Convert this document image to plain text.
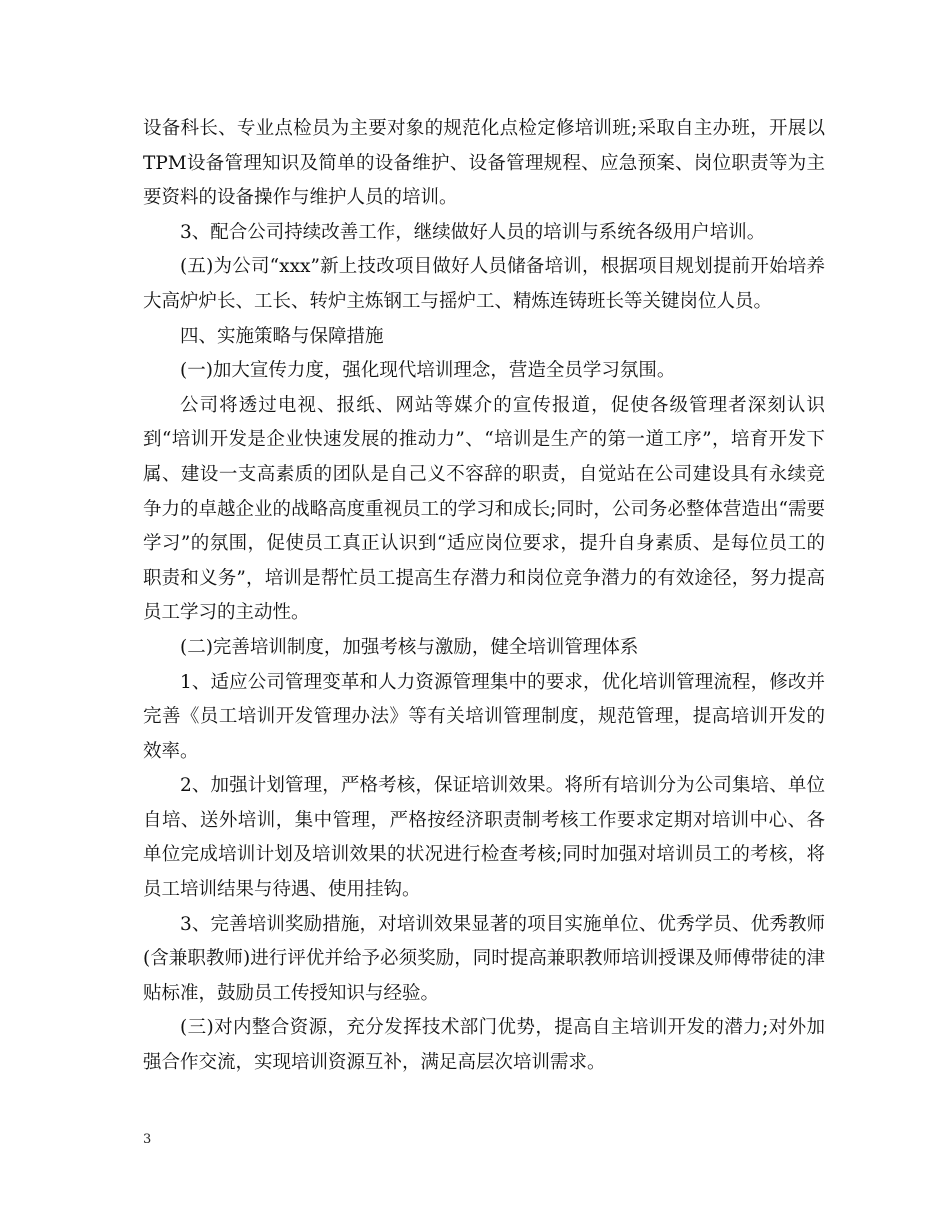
设备科长、专业点检员为主要对象的规范化点检定修培训班;采取自主办班，开展以TPM设备管理知识及简单的设备维护、设备管理规程、应急预案、岗位职责等为主要资料的设备操作与维护人员的培训。

3、配合公司持续改善工作，继续做好人员的培训与系统各级用户培训。

(五)为公司“xxx”新上技改项目做好人员储备培训，根据项目规划提前开始培养大高炉炉长、工长、转炉主炼钢工与摇炉工、精炼连铸班长等关键岗位人员。

四、实施策略与保障措施

(一)加大宣传力度，强化现代培训理念，营造全员学习氛围。

公司将透过电视、报纸、网站等媒介的宣传报道，促使各级管理者深刻认识到“培训开发是企业快速发展的推动力”、“培训是生产的第一道工序”，培育开发下属、建设一支高素质的团队是自己义不容辞的职责，自觉站在公司建设具有永续竞争力的卓越企业的战略高度重视员工的学习和成长;同时，公司务必整体营造出“需要学习”的氛围，促使员工真正认识到“适应岗位要求，提升自身素质、是每位员工的职责和义务”，培训是帮忙员工提高生存潜力和岗位竞争潜力的有效途径，努力提高员工学习的主动性。

(二)完善培训制度，加强考核与激励，健全培训管理体系

1、适应公司管理变革和人力资源管理集中的要求，优化培训管理流程，修改并完善《员工培训开发管理办法》等有关培训管理制度，规范管理，提高培训开发的效率。

2、加强计划管理，严格考核，保证培训效果。将所有培训分为公司集培、单位自培、送外培训，集中管理，严格按经济职责制考核工作要求定期对培训中心、各单位完成培训计划及培训效果的状况进行检查考核;同时加强对培训员工的考核，将员工培训结果与待遇、使用挂钩。

3、完善培训奖励措施，对培训效果显著的项目实施单位、优秀学员、优秀教师(含兼职教师)进行评优并给予必须奖励，同时提高兼职教师培训授课及师傅带徒的津贴标准，鼓励员工传授知识与经验。

(三)对内整合资源，充分发挥技术部门优势，提高自主培训开发的潜力;对外加强合作交流，实现培训资源互补，满足高层次培训需求。

3
